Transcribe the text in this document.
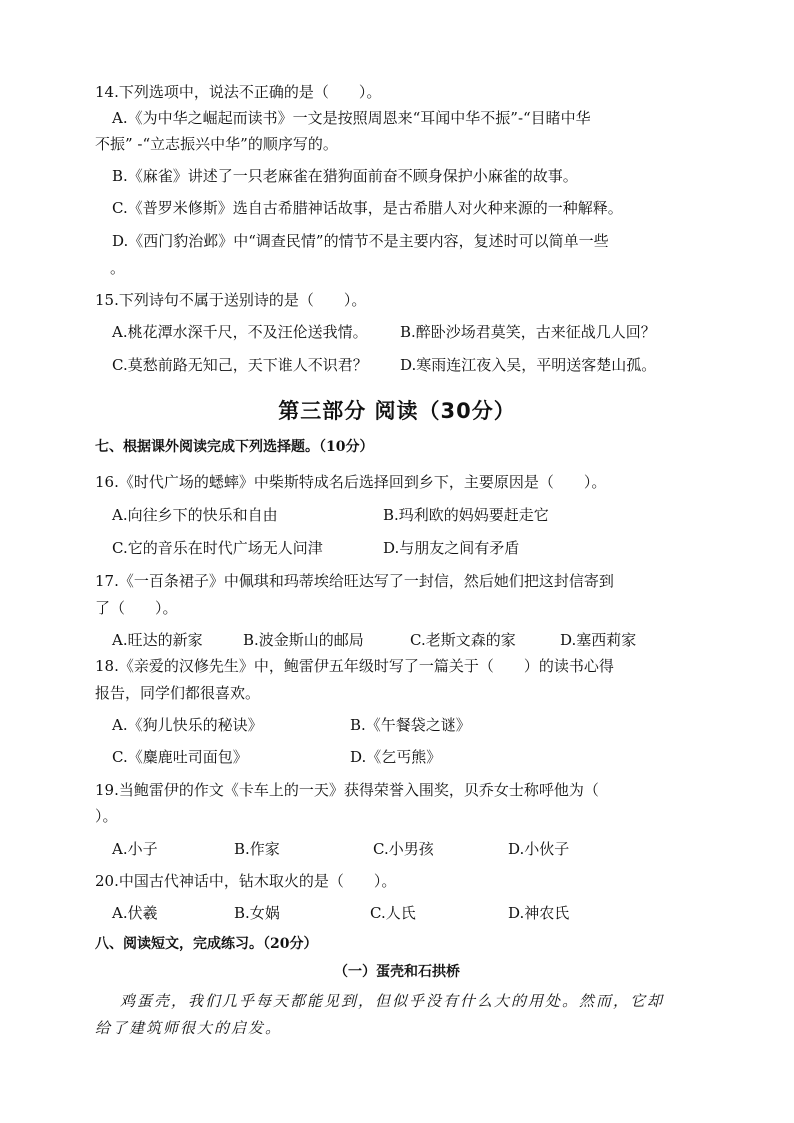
14.下列选项中，说法不正确的是（　　）。
A.《为中华之崛起而读书》一文是按照周恩来“耳闻中华不振”-“目睹中华
不振” -“立志振兴中华”的顺序写的。
B.《麻雀》讲述了一只老麻雀在猎狗面前奋不顾身保护小麻雀的故事。
C.《普罗米修斯》选自古希腊神话故事，是古希腊人对火种来源的一种解释。
D.《西门豹治邺》中“调查民情”的情节不是主要内容，复述时可以简单一些
。
15.下列诗句不属于送别诗的是（　　）。
A.桃花潭水深千尺，不及汪伦送我情。 B.醉卧沙场君莫笑，古来征战几人回？
C.莫愁前路无知己，天下谁人不识君？ D.寒雨连江夜入吴，平明送客楚山孤。
第三部分 阅读（30分）
七、根据课外阅读完成下列选择题。（10分）
16.《时代广场的蟋蟀》中柴斯特成名后选择回到乡下，主要原因是（　　）。
A.向往乡下的快乐和自由	B.玛利欧的妈妈要赶走它
C.它的音乐在时代广场无人问津	D.与朋友之间有矛盾
17.《一百条裙子》中佩琪和玛蒂埃给旺达写了一封信，然后她们把这封信寄到
了（　　）。
A.旺达的新家	B.波金斯山的邮局	C.老斯文森的家	D.塞西莉家
18.《亲爱的汉修先生》中，鲍雷伊五年级时写了一篇关于（　　）的读书心得
报告，同学们都很喜欢。
A.《狗儿快乐的秘诀》	B.《午餐袋之谜》
C.《麋鹿吐司面包》	D.《乞丐熊》
19.当鲍雷伊的作文《卡车上的一天》获得荣誉入围奖，贝乔女士称呼他为（
）。
A.小子	B.作家	C.小男孩	D.小伙子
20.中国古代神话中，钻木取火的是（　　）。
A.伏羲	B.女娲	C.人氏	D.神农氏
八、阅读短文，完成练习。（20分）
（一）蛋壳和石拱桥
鸡蛋壳，我们几乎每天都能见到，但似乎没有什么大的用处。然而，它却
给了建筑师很大的启发。
